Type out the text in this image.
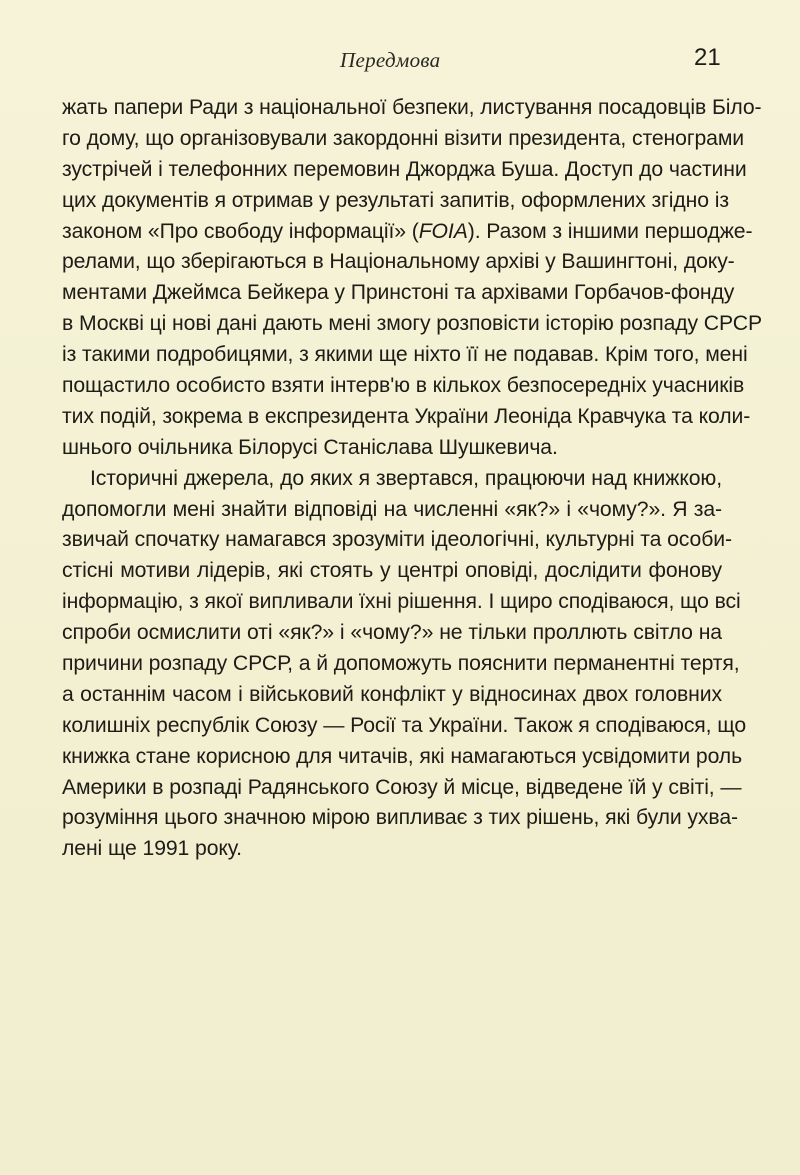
Передмова	21
жать папери Ради з національної безпеки, листування посадовців Біло-
го дому, що організовували закордонні візити президента, стенограми
зустрічей і телефонних перемовин Джорджа Буша. Доступ до частини
цих документів я отримав у результаті запитів, оформлених згідно із
законом «Про свободу інформації» (FOIA). Разом з іншими першодже-
релами, що зберігаються в Національному архіві у Вашингтоні, доку-
ментами Джеймса Бейкера у Принстоні та архівами Горбачов-фонду
в Москві ці нові дані дають мені змогу розповісти історію розпаду СРСР
із такими подробицями, з якими ще ніхто її не подавав. Крім того, мені
пощастило особисто взяти інтерв'ю в кількох безпосередніх учасників
тих подій, зокрема в експрезидента України Леоніда Кравчука та коли-
шнього очільника Білорусі Станіслава Шушкевича.
Історичні джерела, до яких я звертався, працюючи над книжкою,
допомогли мені знайти відповіді на численні «як?» і «чому?». Я за-
звичай спочатку намагався зрозуміти ідеологічні, культурні та особи-
стісні мотиви лідерів, які стоять у центрі оповіді, дослідити фонову
інформацію, з якої випливали їхні рішення. І щиро сподіваюся, що всі
спроби осмислити оті «як?» і «чому?» не тільки проллють світло на
причини розпаду СРСР, а й допоможуть пояснити перманентні тертя,
а останнім часом і військовий конфлікт у відносинах двох головних
колишніх республік Союзу — Росії та України. Також я сподіваюся, що
книжка стане корисною для читачів, які намагаються усвідомити роль
Америки в розпаді Радянського Союзу й місце, відведене їй у світі, —
розуміння цього значною мірою випливає з тих рішень, які були ухва-
лені ще 1991 року.
